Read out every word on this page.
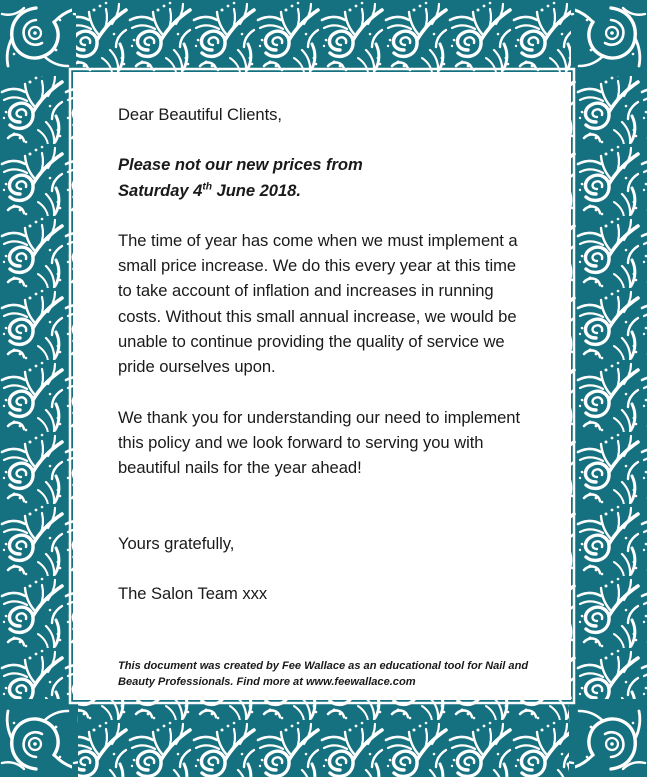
Dear Beautiful Clients,

Please not our new prices from
Saturday 4th June 2018.

The time of year has come when we must implement a small price increase. We do this every year at this time to take account of inflation and increases in running costs. Without this small annual increase, we would be unable to continue providing the quality of service we pride ourselves upon.

We thank you for understanding our need to implement this policy and we look forward to serving you with beautiful nails for the year ahead!

Yours gratefully,

The Salon Team xxx

This document was created by Fee Wallace as an educational tool for Nail and Beauty Professionals. Find more at www.feewallace.com
